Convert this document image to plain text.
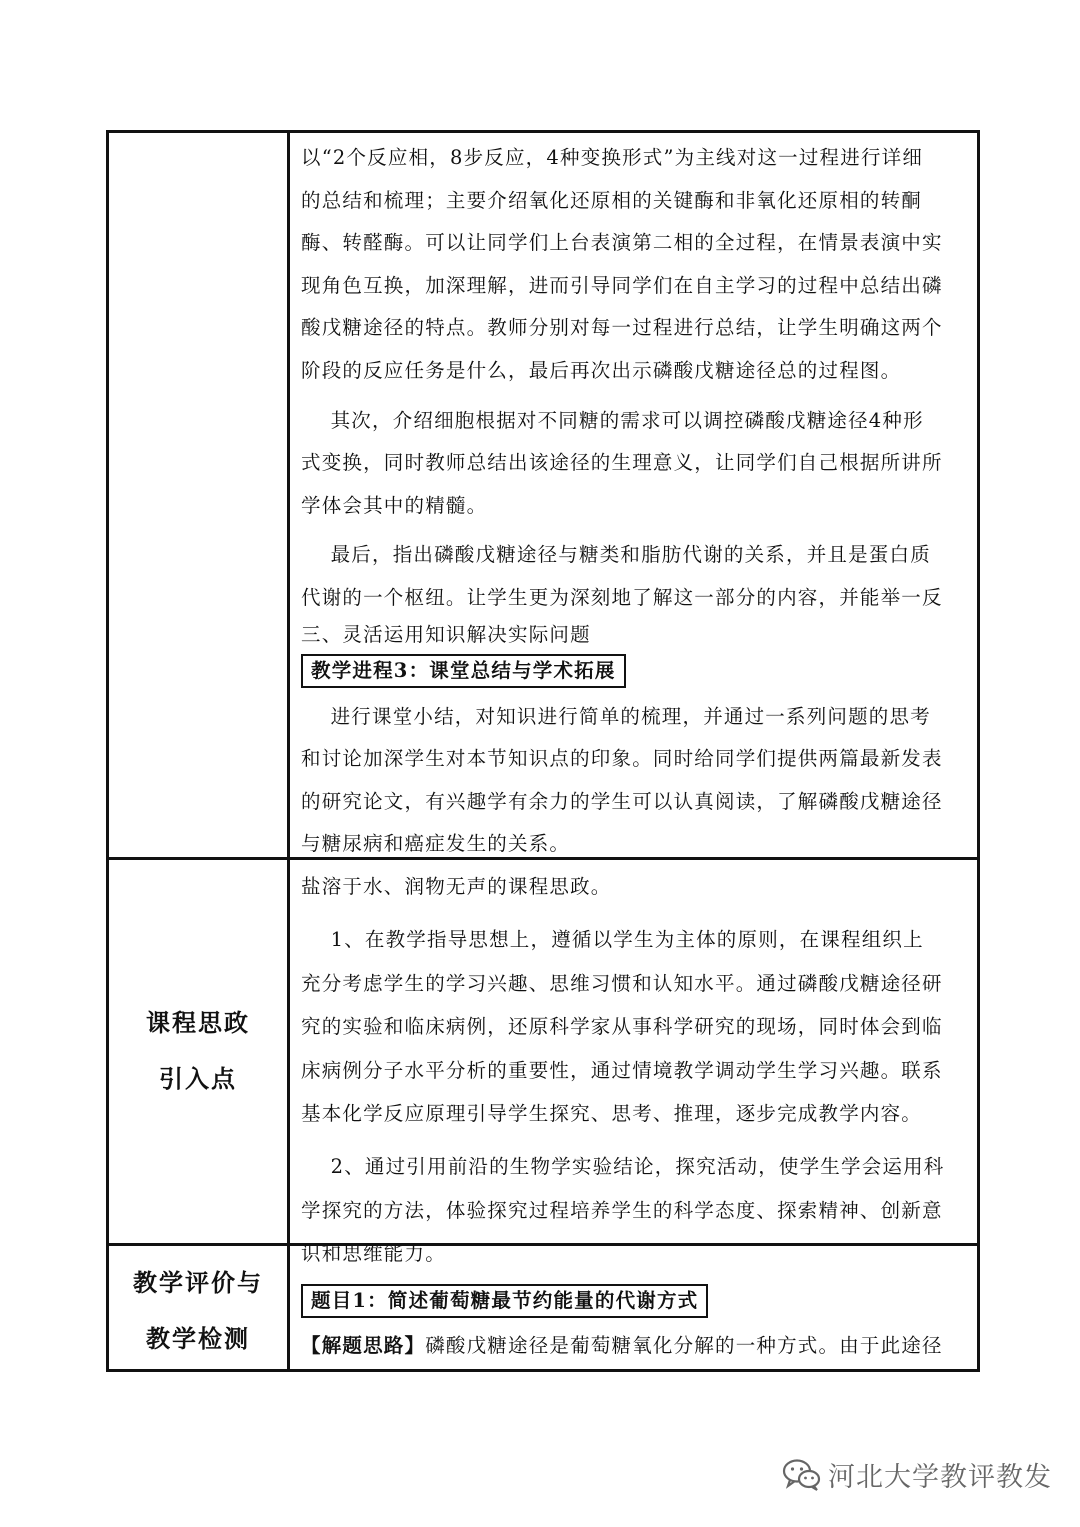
以“2个反应相，8步反应，4种变换形式”为主线对这一过程进行详细

的总结和梳理；主要介绍氧化还原相的关键酶和非氧化还原相的转酮

酶、转醛酶。可以让同学们上台表演第二相的全过程，在情景表演中实

现角色互换，加深理解，进而引导同学们在自主学习的过程中总结出磷

酸戊糖途径的特点。教师分别对每一过程进行总结，让学生明确这两个

阶段的反应任务是什么，最后再次出示磷酸戊糖途径总的过程图。

其次，介绍细胞根据对不同糖的需求可以调控磷酸戊糖途径4种形

式变换，同时教师总结出该途径的生理意义，让同学们自己根据所讲所

学体会其中的精髓。

最后，指出磷酸戊糖途径与糖类和脂肪代谢的关系，并且是蛋白质

代谢的一个枢纽。让学生更为深刻地了解这一部分的内容，并能举一反

三、灵活运用知识解决实际问题

教学进程3：课堂总结与学术拓展

进行课堂小结，对知识进行简单的梳理，并通过一系列问题的思考

和讨论加深学生对本节知识点的印象。同时给同学们提供两篇最新发表

的研究论文，有兴趣学有余力的学生可以认真阅读，了解磷酸戊糖途径

与糖尿病和癌症发生的关系。

课程思政
引入点

盐溶于水、润物无声的课程思政。

1、在教学指导思想上，遵循以学生为主体的原则，在课程组织上

充分考虑学生的学习兴趣、思维习惯和认知水平。通过磷酸戊糖途径研

究的实验和临床病例，还原科学家从事科学研究的现场，同时体会到临

床病例分子水平分析的重要性，通过情境教学调动学生学习兴趣。联系

基本化学反应原理引导学生探究、思考、推理，逐步完成教学内容。

2、通过引用前沿的生物学实验结论，探究活动，使学生学会运用科

学探究的方法，体验探究过程培养学生的科学态度、探索精神、创新意

识和思维能力。

教学评价与
教学检测
题目1：简述葡萄糖最节约能量的代谢方式

【解题思路】磷酸戊糖途径是葡萄糖氧化分解的一种方式。由于此途径

河北大学教评教发
